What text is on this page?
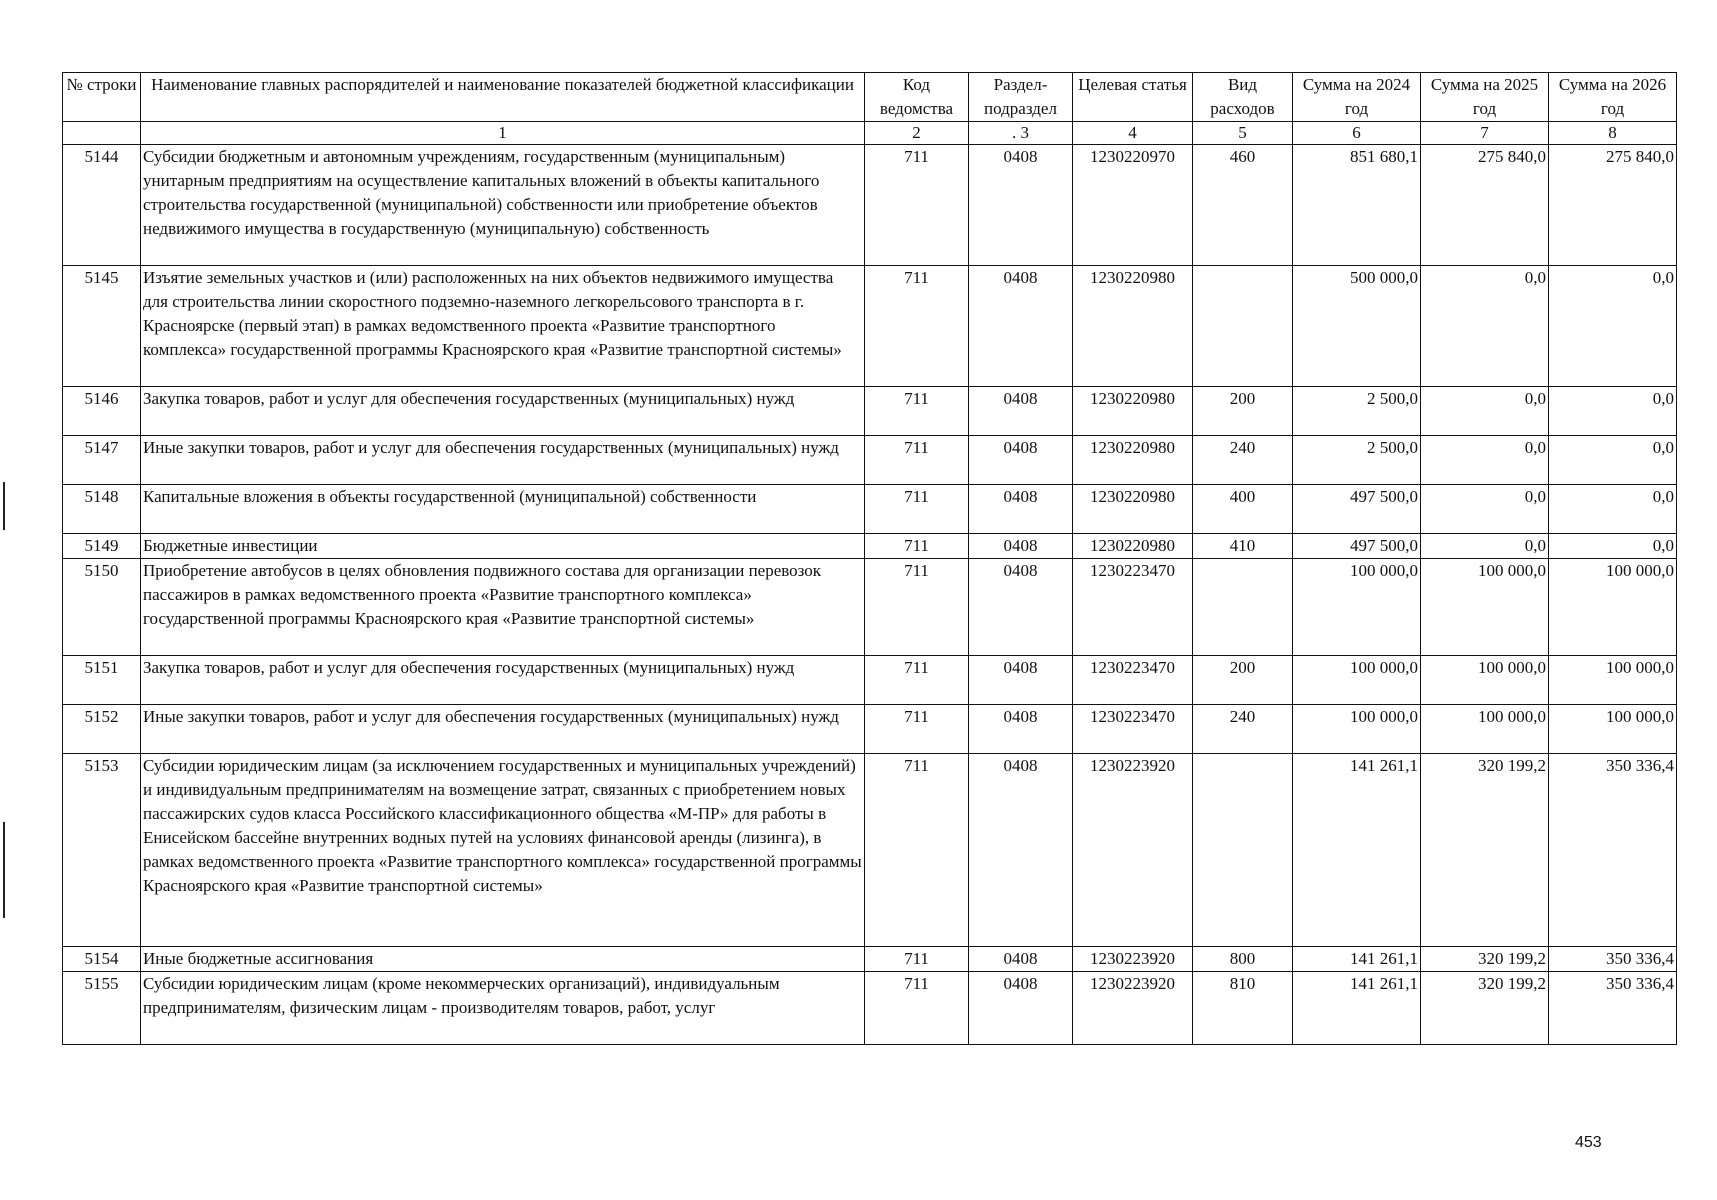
№ строки	Наименование главных распорядителей и наименование показателей бюджетной классификации	Код ведомства	Раздел-подраздел	Целевая статья	Вид расходов	Сумма на 2024 год	Сумма на 2025 год	Сумма на 2026 год
	1	2	. 3	4	5	6	7	8
5144	Субсидии бюджетным и автономным учреждениям, государственным (муниципальным) унитарным предприятиям на осуществление капитальных вложений в объекты капитального строительства государственной (муниципальной) собственности или приобретение объектов недвижимого имущества в государственную (муниципальную) собственность	711	0408	1230220970	460	851 680,1	275 840,0	275 840,0
5145	Изъятие земельных участков и (или) расположенных на них объектов недвижимого имущества для строительства линии скоростного подземно-наземного легкорельсового транспорта в г. Красноярске (первый этап) в рамках ведомственного проекта «Развитие транспортного комплекса» государственной программы Красноярского края «Развитие транспортной системы»	711	0408	1230220980		500 000,0	0,0	0,0
5146	Закупка товаров, работ и услуг для обеспечения государственных (муниципальных) нужд	711	0408	1230220980	200	2 500,0	0,0	0,0
5147	Иные закупки товаров, работ и услуг для обеспечения государственных (муниципальных) нужд	711	0408	1230220980	240	2 500,0	0,0	0,0
5148	Капитальные вложения в объекты государственной (муниципальной) собственности	711	0408	1230220980	400	497 500,0	0,0	0,0
5149	Бюджетные инвестиции	711	0408	1230220980	410	497 500,0	0,0	0,0
5150	Приобретение автобусов в целях обновления подвижного состава для организации перевозок пассажиров в рамках ведомственного проекта «Развитие транспортного комплекса» государственной программы Красноярского края «Развитие транспортной системы»	711	0408	1230223470		100 000,0	100 000,0	100 000,0
5151	Закупка товаров, работ и услуг для обеспечения государственных (муниципальных) нужд	711	0408	1230223470	200	100 000,0	100 000,0	100 000,0
5152	Иные закупки товаров, работ и услуг для обеспечения государственных (муниципальных) нужд	711	0408	1230223470	240	100 000,0	100 000,0	100 000,0
5153	Субсидии юридическим лицам (за исключением государственных и муниципальных учреждений) и индивидуальным предпринимателям на возмещение затрат, связанных с приобретением новых пассажирских судов класса Российского классификационного общества «М-ПР» для работы в Енисейском бассейне внутренних водных путей на условиях финансовой аренды (лизинга), в рамках ведомственного проекта «Развитие транспортного комплекса» государственной программы Красноярского края «Развитие транспортной системы»	711	0408	1230223920		141 261,1	320 199,2	350 336,4
5154	Иные бюджетные ассигнования	711	0408	1230223920	800	141 261,1	320 199,2	350 336,4
5155	Субсидии юридическим лицам (кроме некоммерческих организаций), индивидуальным предпринимателям, физическим лицам - производителям товаров, работ, услуг	711	0408	1230223920	810	141 261,1	320 199,2	350 336,4
453
